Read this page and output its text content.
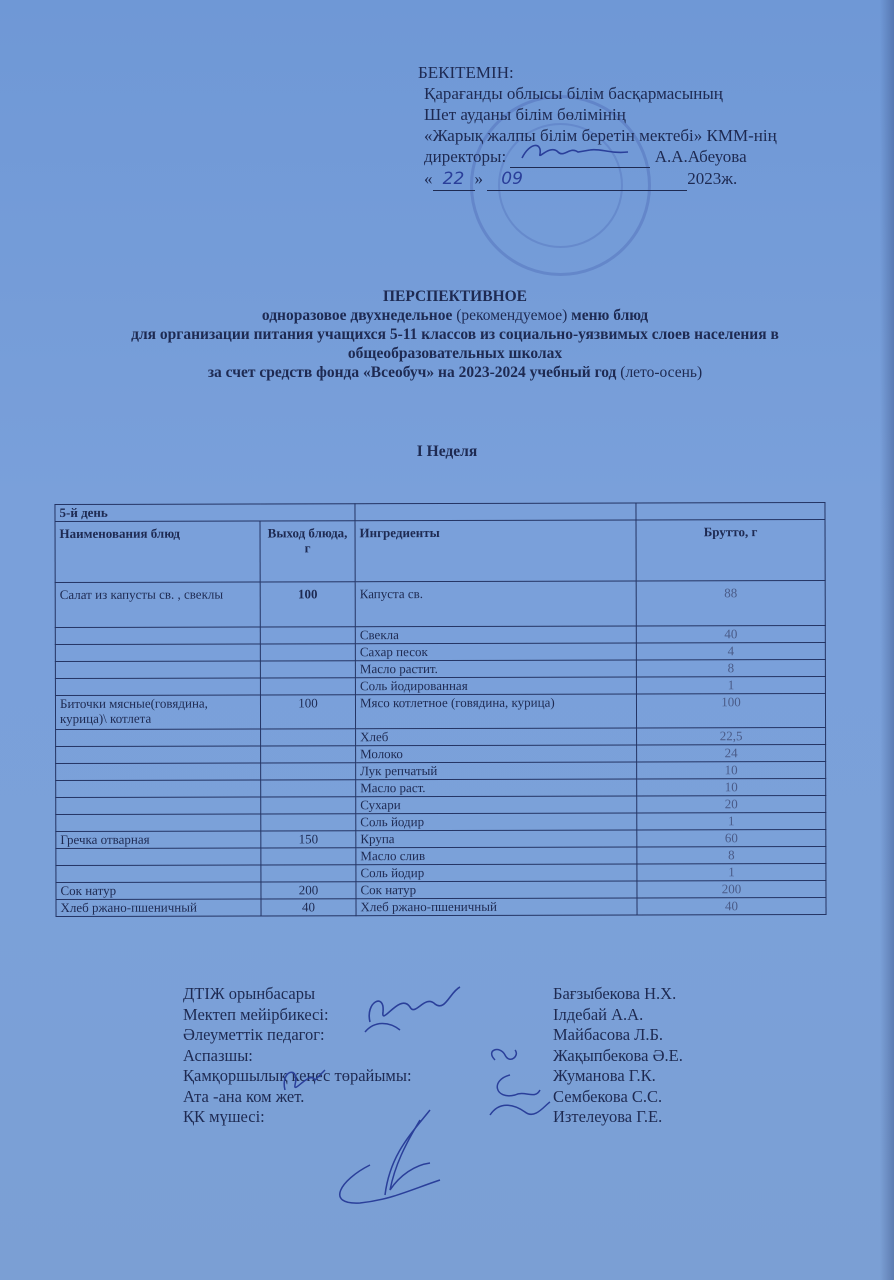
БЕКІТЕМІН:
Қарағанды облысы білім басқармасының
Шет ауданы білім бөлімінің
«Жарық жалпы білім беретін мектебі» КММ-нің
директоры:	А.А.Абеуова
« 22 » 09	2023ж.
ПЕРСПЕКТИВНОЕ
одноразовое двухнедельное (рекомендуемое) меню блюд
для организации питания учащихся 5-11 классов из социально-уязвимых слоев населения в общеобразовательных школах
за счет средств фонда «Всеобуч» на 2023-2024 учебный год (лето-осень)
I Неделя
5-й день			
Наименования блюд	Выход блюда, г	Ингредиенты	Брутто, г
Салат из капусты св. , свеклы	100	Капуста св.	88
		Свекла	40
		Сахар песок	4
		Масло растит.	8
		Соль йодированная	1
Биточки мясные(говядина, курица)\ котлета	100	Мясо котлетное (говядина, курица)	100
		Хлеб	22,5
		Молоко	24
		Лук репчатый	10
		Масло раст.	10
		Сухари	20
		Соль йодир	1
Гречка отварная	150	Крупа	60
		Масло слив	8
		Соль йодир	1
Сок натур	200	Сок натур	200
Хлеб ржано-пшеничный	40	Хлеб ржано-пшеничный	40
ДТІЖ орынбасары	Бағзыбекова Н.Х.
Мектеп мейірбикесі:	Ілдебай А.А.
Әлеуметтік педагог:	Майбасова Л.Б.
Аспазшы:	Жақыпбекова Ә.Е.
Қамқоршылық кеңес төрайымы:	Жуманова Г.К.
Ата -ана ком жет.	Сембекова С.С.
ҚК мүшесі:	Изтелеуова Г.Е.
